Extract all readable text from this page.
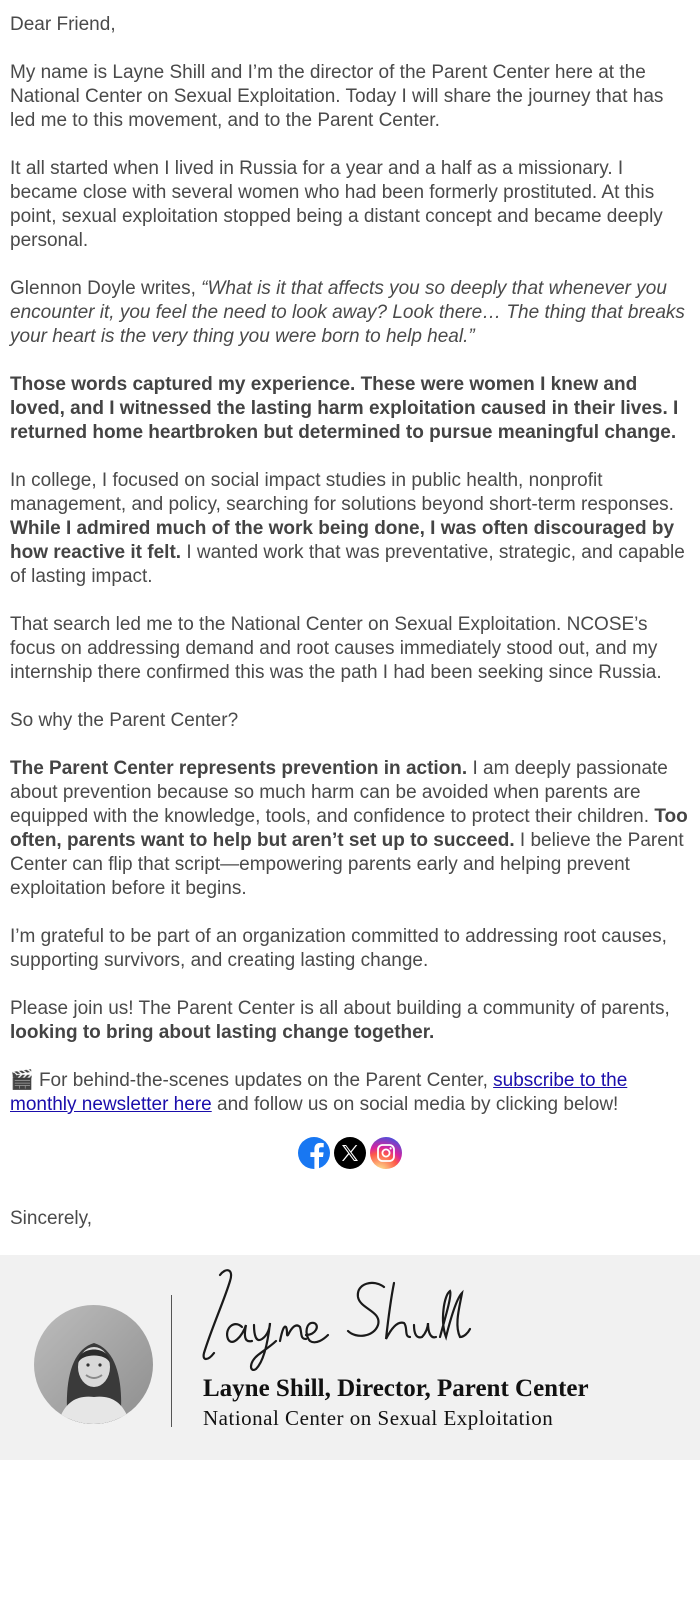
Dear Friend,

My name is Layne Shill and I’m the director of the Parent Center here at the National Center on Sexual Exploitation. Today I will share the journey that has led me to this movement, and to the Parent Center.

It all started when I lived in Russia for a year and a half as a missionary. I became close with several women who had been formerly prostituted. At this point, sexual exploitation stopped being a distant concept and became deeply personal.

Glennon Doyle writes, “What is it that affects you so deeply that whenever you encounter it, you feel the need to look away? Look there… The thing that breaks your heart is the very thing you were born to help heal.”

Those words captured my experience. These were women I knew and loved, and I witnessed the lasting harm exploitation caused in their lives. I returned home heartbroken but determined to pursue meaningful change.

In college, I focused on social impact studies in public health, nonprofit management, and policy, searching for solutions beyond short-term responses. While I admired much of the work being done, I was often discouraged by how reactive it felt. I wanted work that was preventative, strategic, and capable of lasting impact.

That search led me to the National Center on Sexual Exploitation. NCOSE’s focus on addressing demand and root causes immediately stood out, and my internship there confirmed this was the path I had been seeking since Russia.

So why the Parent Center?

The Parent Center represents prevention in action. I am deeply passionate about prevention because so much harm can be avoided when parents are equipped with the knowledge, tools, and confidence to protect their children. Too often, parents want to help but aren’t set up to succeed. I believe the Parent Center can flip that script—empowering parents early and helping prevent exploitation before it begins.

I’m grateful to be part of an organization committed to addressing root causes, supporting survivors, and creating lasting change.

Please join us! The Parent Center is all about building a community of parents, looking to bring about lasting change together.

🎬 For behind-the-scenes updates on the Parent Center, subscribe to the monthly newsletter here and follow us on social media by clicking below!

Sincerely,

Layne Shill, Director, Parent Center
National Center on Sexual Exploitation
